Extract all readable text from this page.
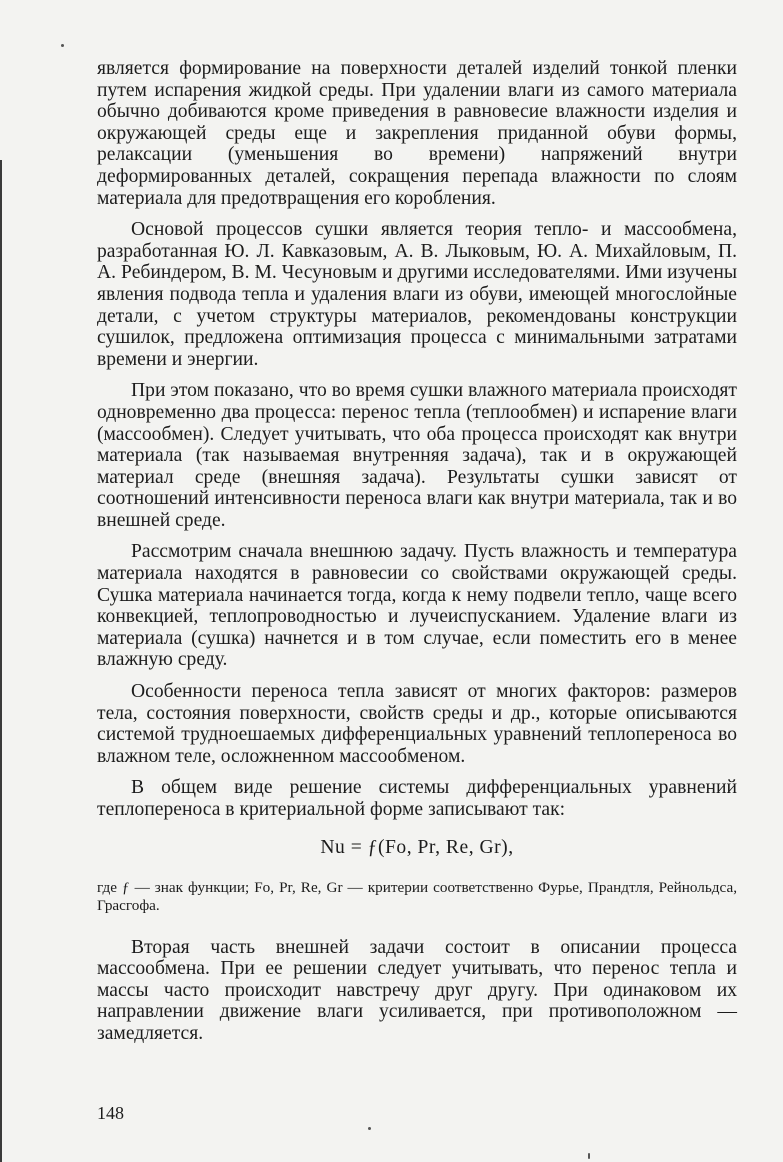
является формирование на поверхности деталей изделий тонкой пленки путем испарения жидкой среды. При удалении влаги из самого материала обычно добиваются кроме приведения в равновесие влажности изделия и окружающей среды еще и закрепления приданной обуви формы, релаксации (уменьшения во времени) напряжений внутри деформированных деталей, сокращения перепада влажности по слоям материала для предотвращения его коробления.

Основой процессов сушки является теория тепло- и массообмена, разработанная Ю. Л. Кавказовым, А. В. Лыковым, Ю. А. Михайловым, П. А. Ребиндером, В. М. Чесуновым и другими исследователями. Ими изучены явления подвода тепла и удаления влаги из обуви, имеющей многослойные детали, с учетом структуры материалов, рекомендованы конструкции сушилок, предложена оптимизация процесса с минимальными затратами времени и энергии.

При этом показано, что во время сушки влажного материала происходят одновременно два процесса: перенос тепла (теплообмен) и испарение влаги (массообмен). Следует учитывать, что оба процесса происходят как внутри материала (так называемая внутренняя задача), так и в окружающей материал среде (внешняя задача). Результаты сушки зависят от соотношений интенсивности переноса влаги как внутри материала, так и во внешней среде.

Рассмотрим сначала внешнюю задачу. Пусть влажность и температура материала находятся в равновесии со свойствами окружающей среды. Сушка материала начинается тогда, когда к нему подвели тепло, чаще всего конвекцией, теплопроводностью и лучеиспусканием. Удаление влаги из материала (сушка) начнется и в том случае, если поместить его в менее влажную среду.

Особенности переноса тепла зависят от многих факторов: размеров тела, состояния поверхности, свойств среды и др., которые описываются системой трудноешаемых дифференциальных уравнений теплопереноса во влажном теле, осложненном массообменом.

В общем виде решение системы дифференциальных уравнений теплопереноса в критериальной форме записывают так:

Nu = ƒ(Fo, Pr, Re, Gr),

где ƒ — знак функции; Fo, Pr, Re, Gr — критерии соответственно Фурье, Прандтля, Рейнольдса, Грасгофа.

Вторая часть внешней задачи состоит в описании процесса массообмена. При ее решении следует учитывать, что перенос тепла и массы часто происходит навстречу друг другу. При одинаковом их направлении движение влаги усиливается, при противоположном — замедляется.

148
